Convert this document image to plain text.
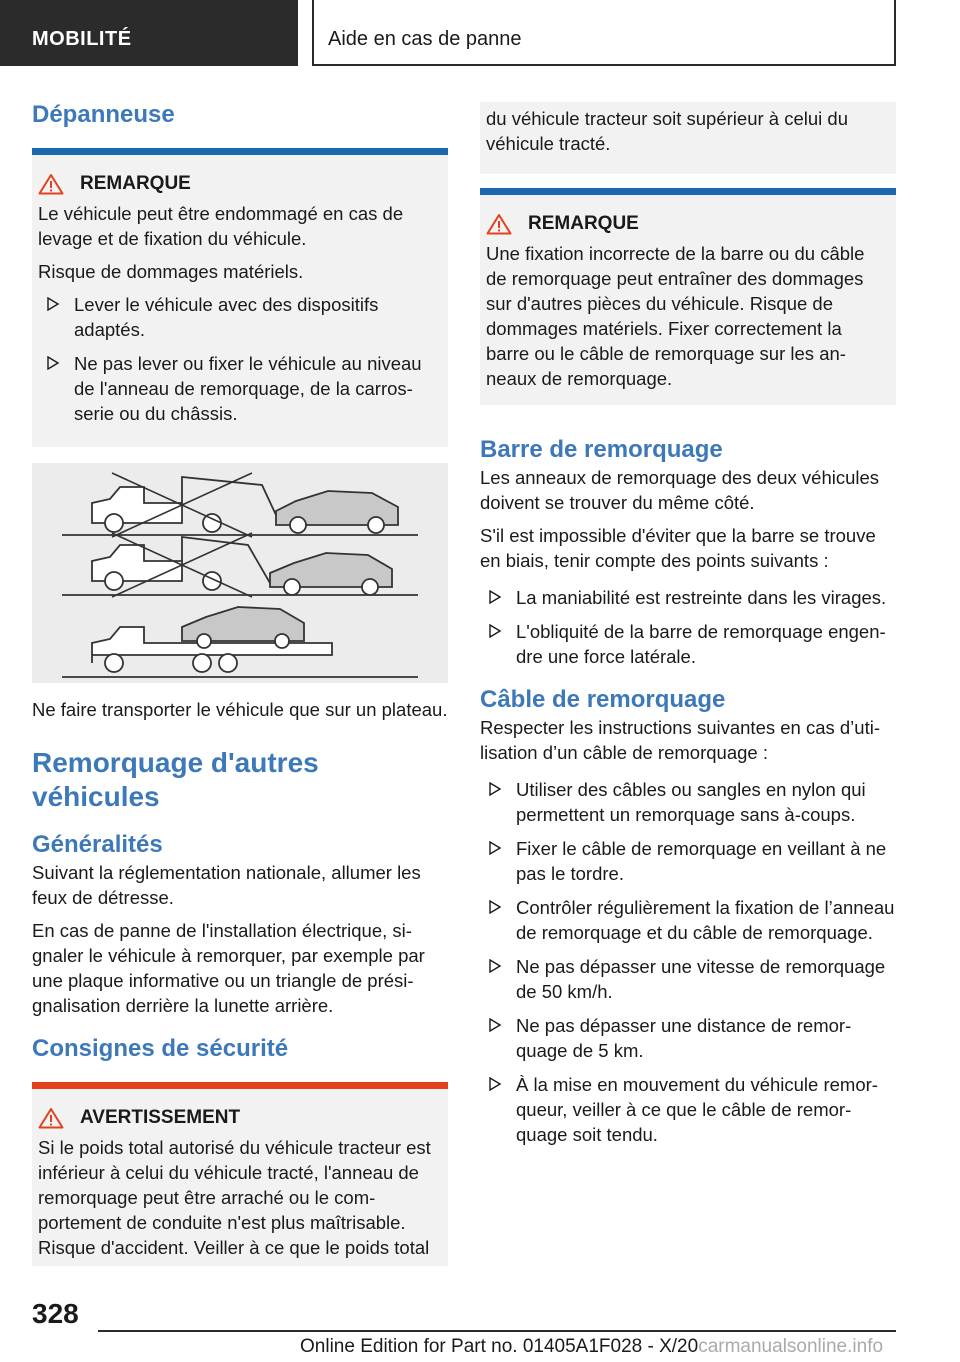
MOBILITÉ	Aide en cas de panne
Dépanneuse
REMARQUE

Le véhicule peut être endommagé en cas de levage et de fixation du véhicule.

Risque de dommages matériels.

Lever le véhicule avec des dispositifs adaptés.
Ne pas lever ou fixer le véhicule au niveau de l'anneau de remorquage, de la carrosserie ou du châssis.

Ne faire transporter le véhicule que sur un plateau.

Remorquage d'autres véhicules
Généralités

Suivant la réglementation nationale, allumer les feux de détresse.

En cas de panne de l'installation électrique, signaler le véhicule à remorquer, par exemple par une plaque informative ou un triangle de présignalisation derrière la lunette arrière.

Consignes de sécurité
AVERTISSEMENT

Si le poids total autorisé du véhicule tracteur est inférieur à celui du véhicule tracté, l'anneau de remorquage peut être arraché ou le comportement de conduite n'est plus maîtrisable. Risque d'accident. Veiller à ce que le poids total

du véhicule tracteur soit supérieur à celui du véhicule tracté.

REMARQUE

Une fixation incorrecte de la barre ou du câble de remorquage peut entraîner des dommages sur d'autres pièces du véhicule. Risque de dommages matériels. Fixer correctement la barre ou le câble de remorquage sur les anneaux de remorquage.

Barre de remorquage

Les anneaux de remorquage des deux véhicules doivent se trouver du même côté.

S'il est impossible d'éviter que la barre se trouve en biais, tenir compte des points suivants :

La maniabilité est restreinte dans les virages.
L'obliquité de la barre de remorquage engendre une force latérale.
Câble de remorquage

Respecter les instructions suivantes en cas d’utilisation d’un câble de remorquage :

Utiliser des câbles ou sangles en nylon qui permettent un remorquage sans à-coups.
Fixer le câble de remorquage en veillant à ne pas le tordre.
Contrôler régulièrement la fixation de l’anneau de remorquage et du câble de remorquage.
Ne pas dépasser une vitesse de remorquage de 50 km/h.
Ne pas dépasser une distance de remorquage de 5 km.
À la mise en mouvement du véhicule remorqueur, veiller à ce que le câble de remorquage soit tendu.
328
Online Edition for Part no. 01405A1F028 - X/20carmanualsonline.info
